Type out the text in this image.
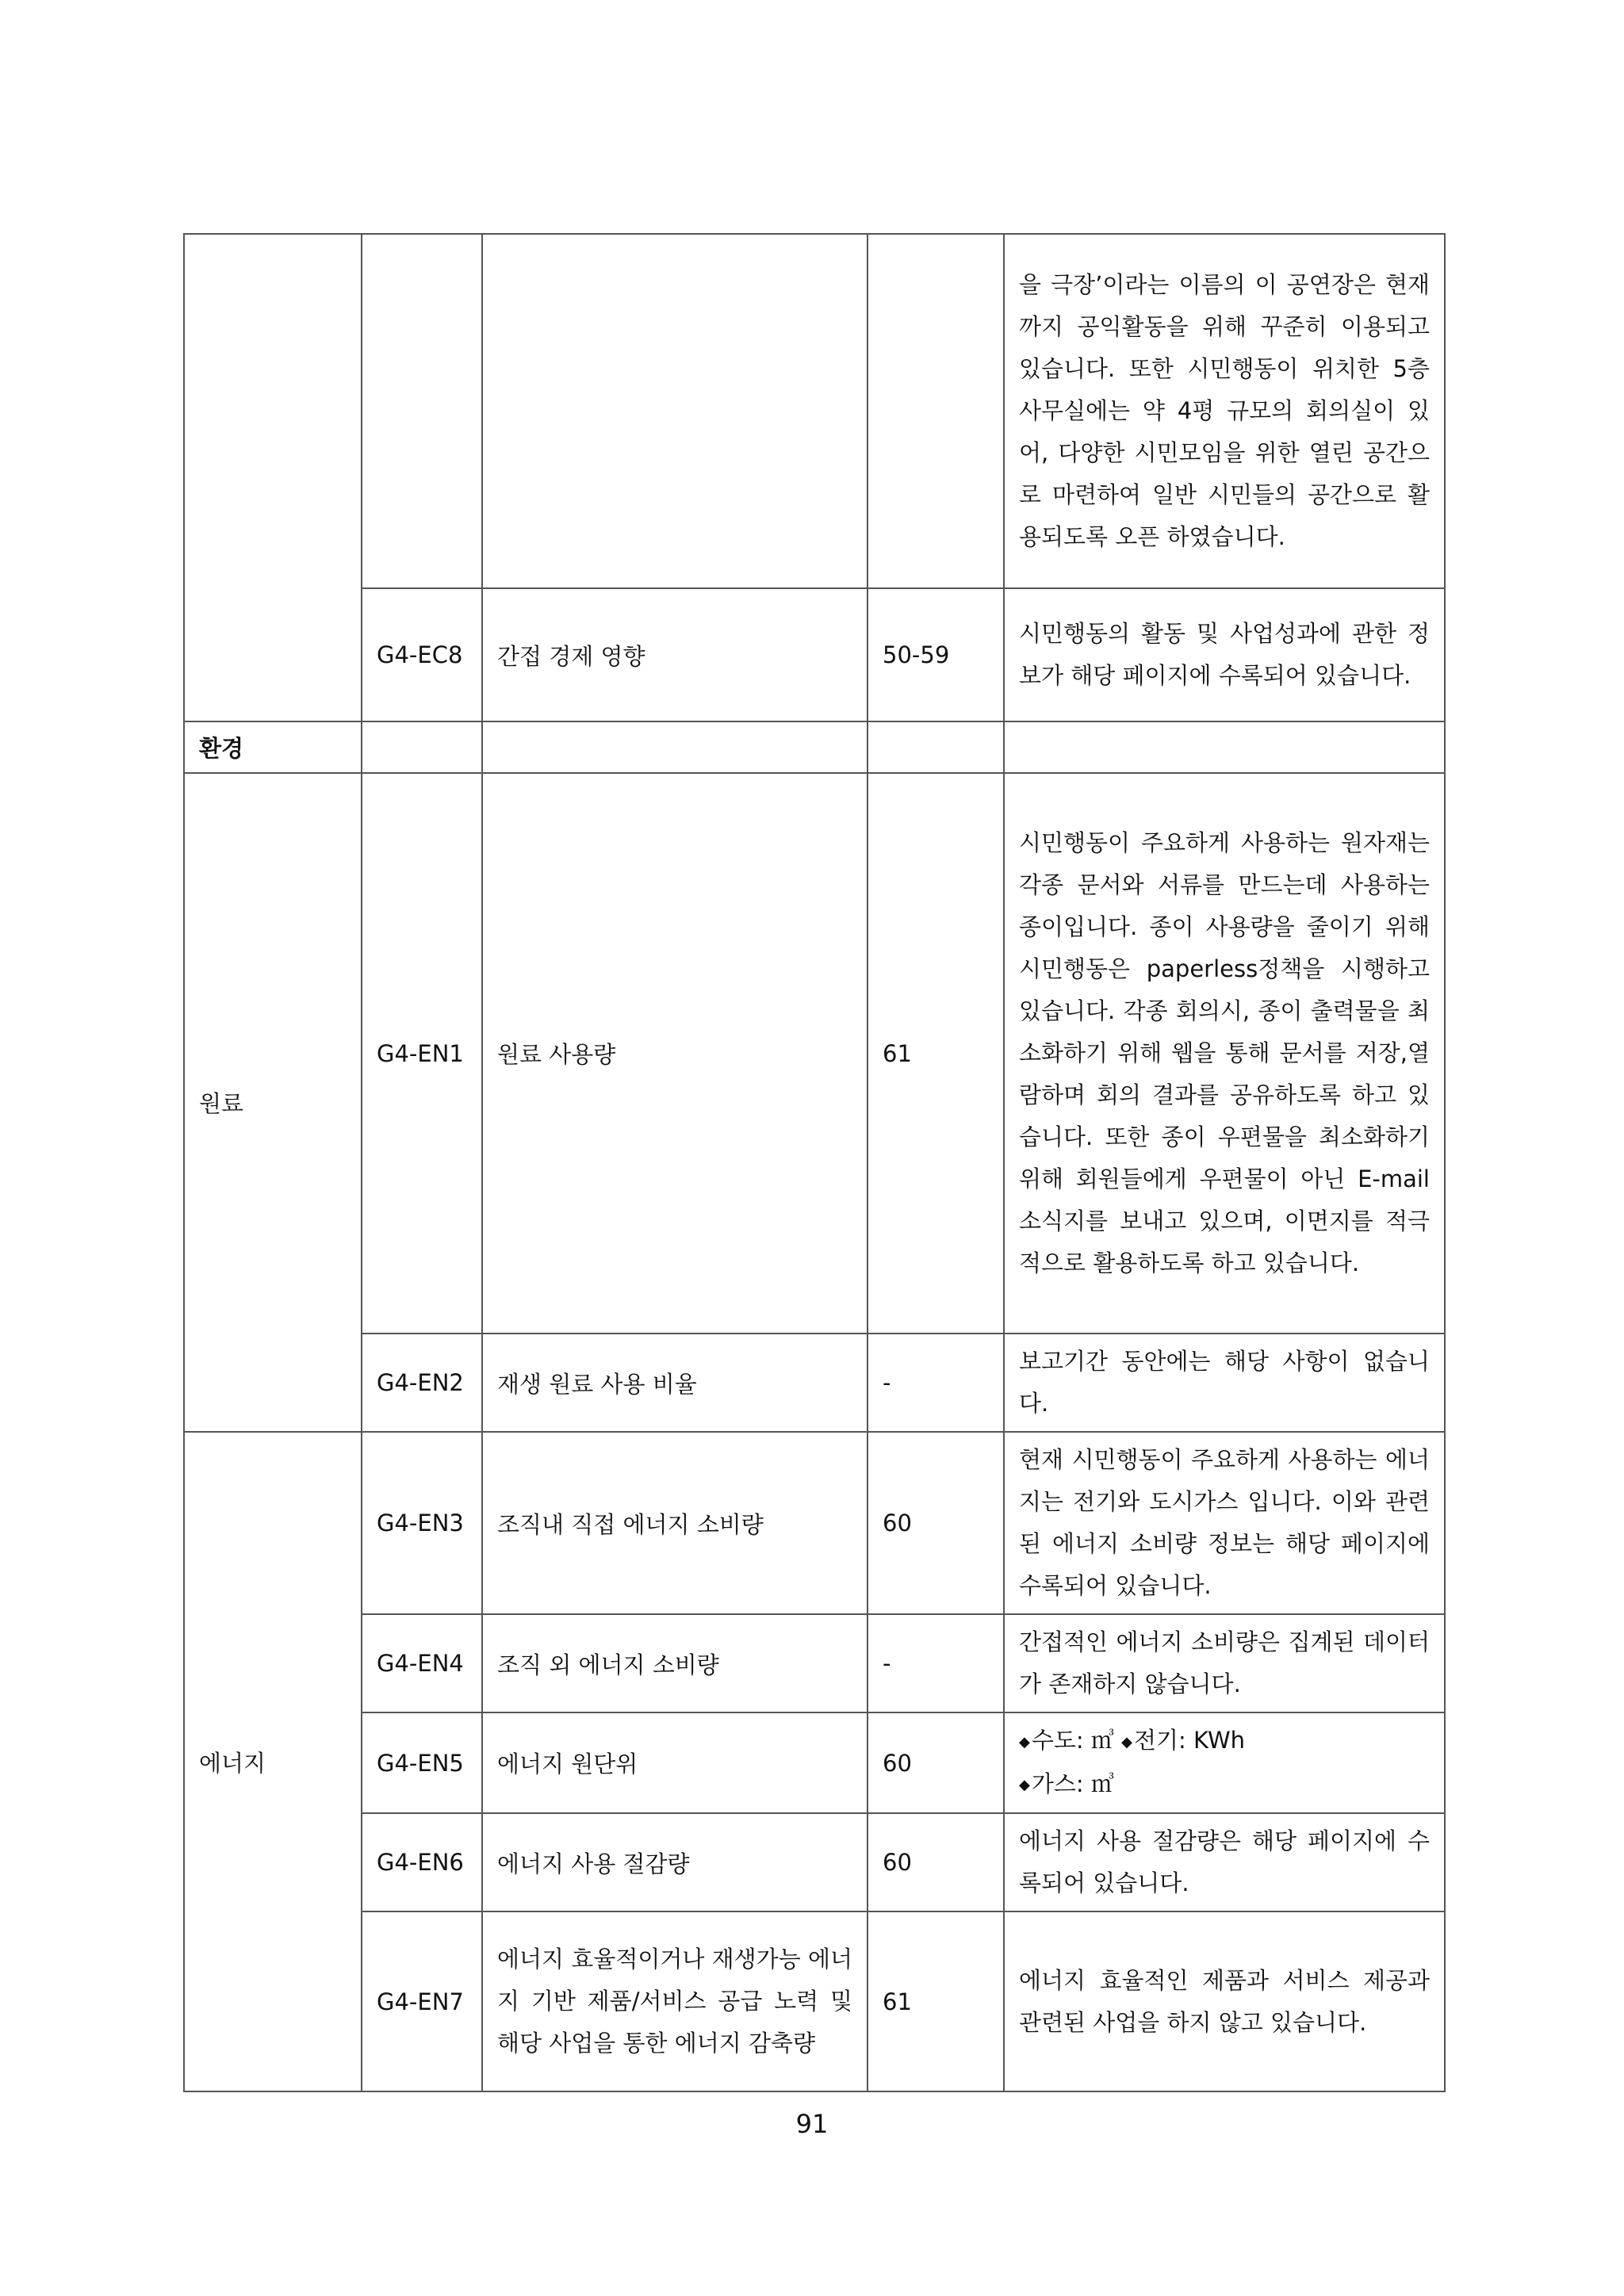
				을 극장’이라는 이름의 이 공연장은 현재까지 공익활동을 위해 꾸준히 이용되고 있습니다. 또한 시민행동이 위치한 5층 사무실에는 약 4평 규모의 회의실이 있어, 다양한 시민모임을 위한 열린 공간으로 마련하여 일반 시민들의 공간으로 활용되도록 오픈 하였습니다.
	G4-EC8	간접 경제 영향	50-59	시민행동의 활동 및 사업성과에 관한 정보가 해당 페이지에 수록되어 있습니다.
환경				
원료	G4-EN1	원료 사용량	61	시민행동이 주요하게 사용하는 원자재는 각종 문서와 서류를 만드는데 사용하는 종이입니다. 종이 사용량을 줄이기 위해 시민행동은 paperless정책을 시행하고 있습니다. 각종 회의시, 종이 출력물을 최소화하기 위해 웹을 통해 문서를 저장,열람하며 회의 결과를 공유하도록 하고 있습니다. 또한 종이 우편물을 최소화하기 위해 회원들에게 우편물이 아닌 E-mail 소식지를 보내고 있으며, 이면지를 적극적으로 활용하도록 하고 있습니다.
	G4-EN2	재생 원료 사용 비율	-	보고기간 동안에는 해당 사항이 없습니다.
에너지	G4-EN3	조직내 직접 에너지 소비량	60	현재 시민행동이 주요하게 사용하는 에너지는 전기와 도시가스 입니다. 이와 관련된 에너지 소비량 정보는 해당 페이지에 수록되어 있습니다.
	G4-EN4	조직 외 에너지 소비량	-	간접적인 에너지 소비량은 집계된 데이터가 존재하지 않습니다.
	G4-EN5	에너지 원단위	60	◆수도: ㎥ ◆전기: KWh
◆가스: ㎥

	G4-EN6	에너지 사용 절감량	60	에너지 사용 절감량은 해당 페이지에 수록되어 있습니다.
	G4-EN7	에너지 효율적이거나 재생가능 에너지 기반 제품/서비스 공급 노력 및 해당 사업을 통한 에너지 감축량	61	에너지 효율적인 제품과 서비스 제공과 관련된 사업을 하지 않고 있습니다.
91
